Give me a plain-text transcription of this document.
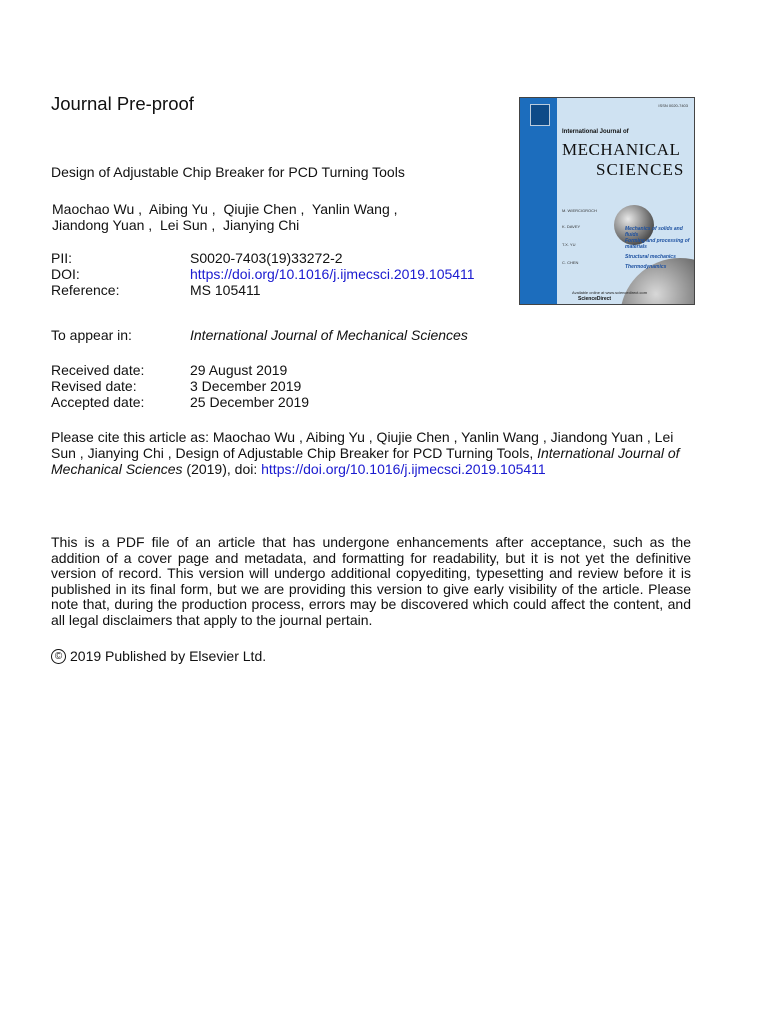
Journal Pre-proof
Design of Adjustable Chip Breaker for PCD Turning Tools
Maochao Wu ,  Aibing Yu ,  Qiujie Chen ,  Yanlin Wang ,
Jiandong Yuan ,  Lei Sun ,  Jianying Chi
PII:	S0020-7403(19)33272-2
DOI:	https://doi.org/10.1016/j.ijmecsci.2019.105411
Reference:	MS 105411
To appear in:	International Journal of Mechanical Sciences
Received date:	29 August 2019
Revised date:	3 December 2019
Accepted date:	25 December 2019
Please cite this article as: Maochao Wu , Aibing Yu , Qiujie Chen , Yanlin Wang , Jiandong Yuan , Lei Sun , Jianying Chi , Design of Adjustable Chip Breaker for PCD Turning Tools, International Journal of Mechanical Sciences (2019), doi: https://doi.org/10.1016/j.ijmecsci.2019.105411
This is a PDF file of an article that has undergone enhancements after acceptance, such as the addition of a cover page and metadata, and formatting for readability, but it is not yet the definitive version of record. This version will undergo additional copyediting, typesetting and review before it is published in its final form, but we are providing this version to give early visibility of the article. Please note that, during the production process, errors may be discovered which could affect the content, and all legal disclaimers that apply to the journal pertain.
© 2019 Published by Elsevier Ltd.
ISSN 0020-7403
International Journal of
MECHANICAL
SCIENCES
M. WIERCIGROCH
K. DAVEY
T.X. YU
C. CHEN
Mechanics of solids and fluids
Forming and processing of materials
Structural mechanics
Thermodynamics
Available online at www.sciencedirect.com
ScienceDirect
